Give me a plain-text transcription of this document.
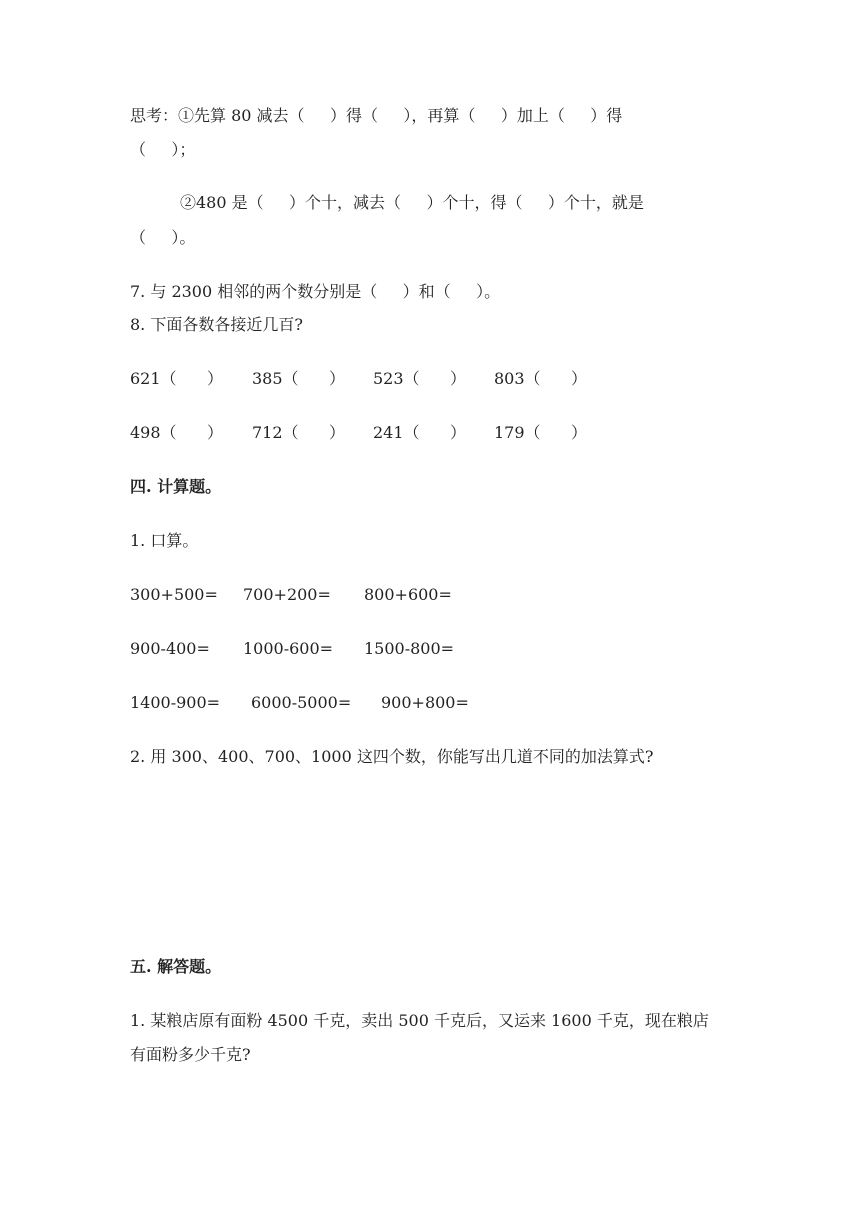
思考：①先算 80 减去（     ）得（     ），再算（     ）加上（     ）得
（     ）；
②480 是（     ）个十，减去（     ）个十，得（     ）个十，就是
（     ）。
7. 与 2300 相邻的两个数分别是（     ）和（     ）。
8. 下面各数各接近几百?
621（      ） 385（      ） 523（      ） 803（      ）
498（      ） 712（      ） 241（      ） 179（      ）
四. 计算题。
1. 口算。
300+500= 700+200= 800+600=
900-400= 1000-600= 1500-800=
1400-900= 6000-5000= 900+800=
2. 用 300、400、700、1000 这四个数，你能写出几道不同的加法算式?
五. 解答题。
1. 某粮店原有面粉 4500 千克，卖出 500 千克后，又运来 1600 千克，现在粮店
有面粉多少千克?
